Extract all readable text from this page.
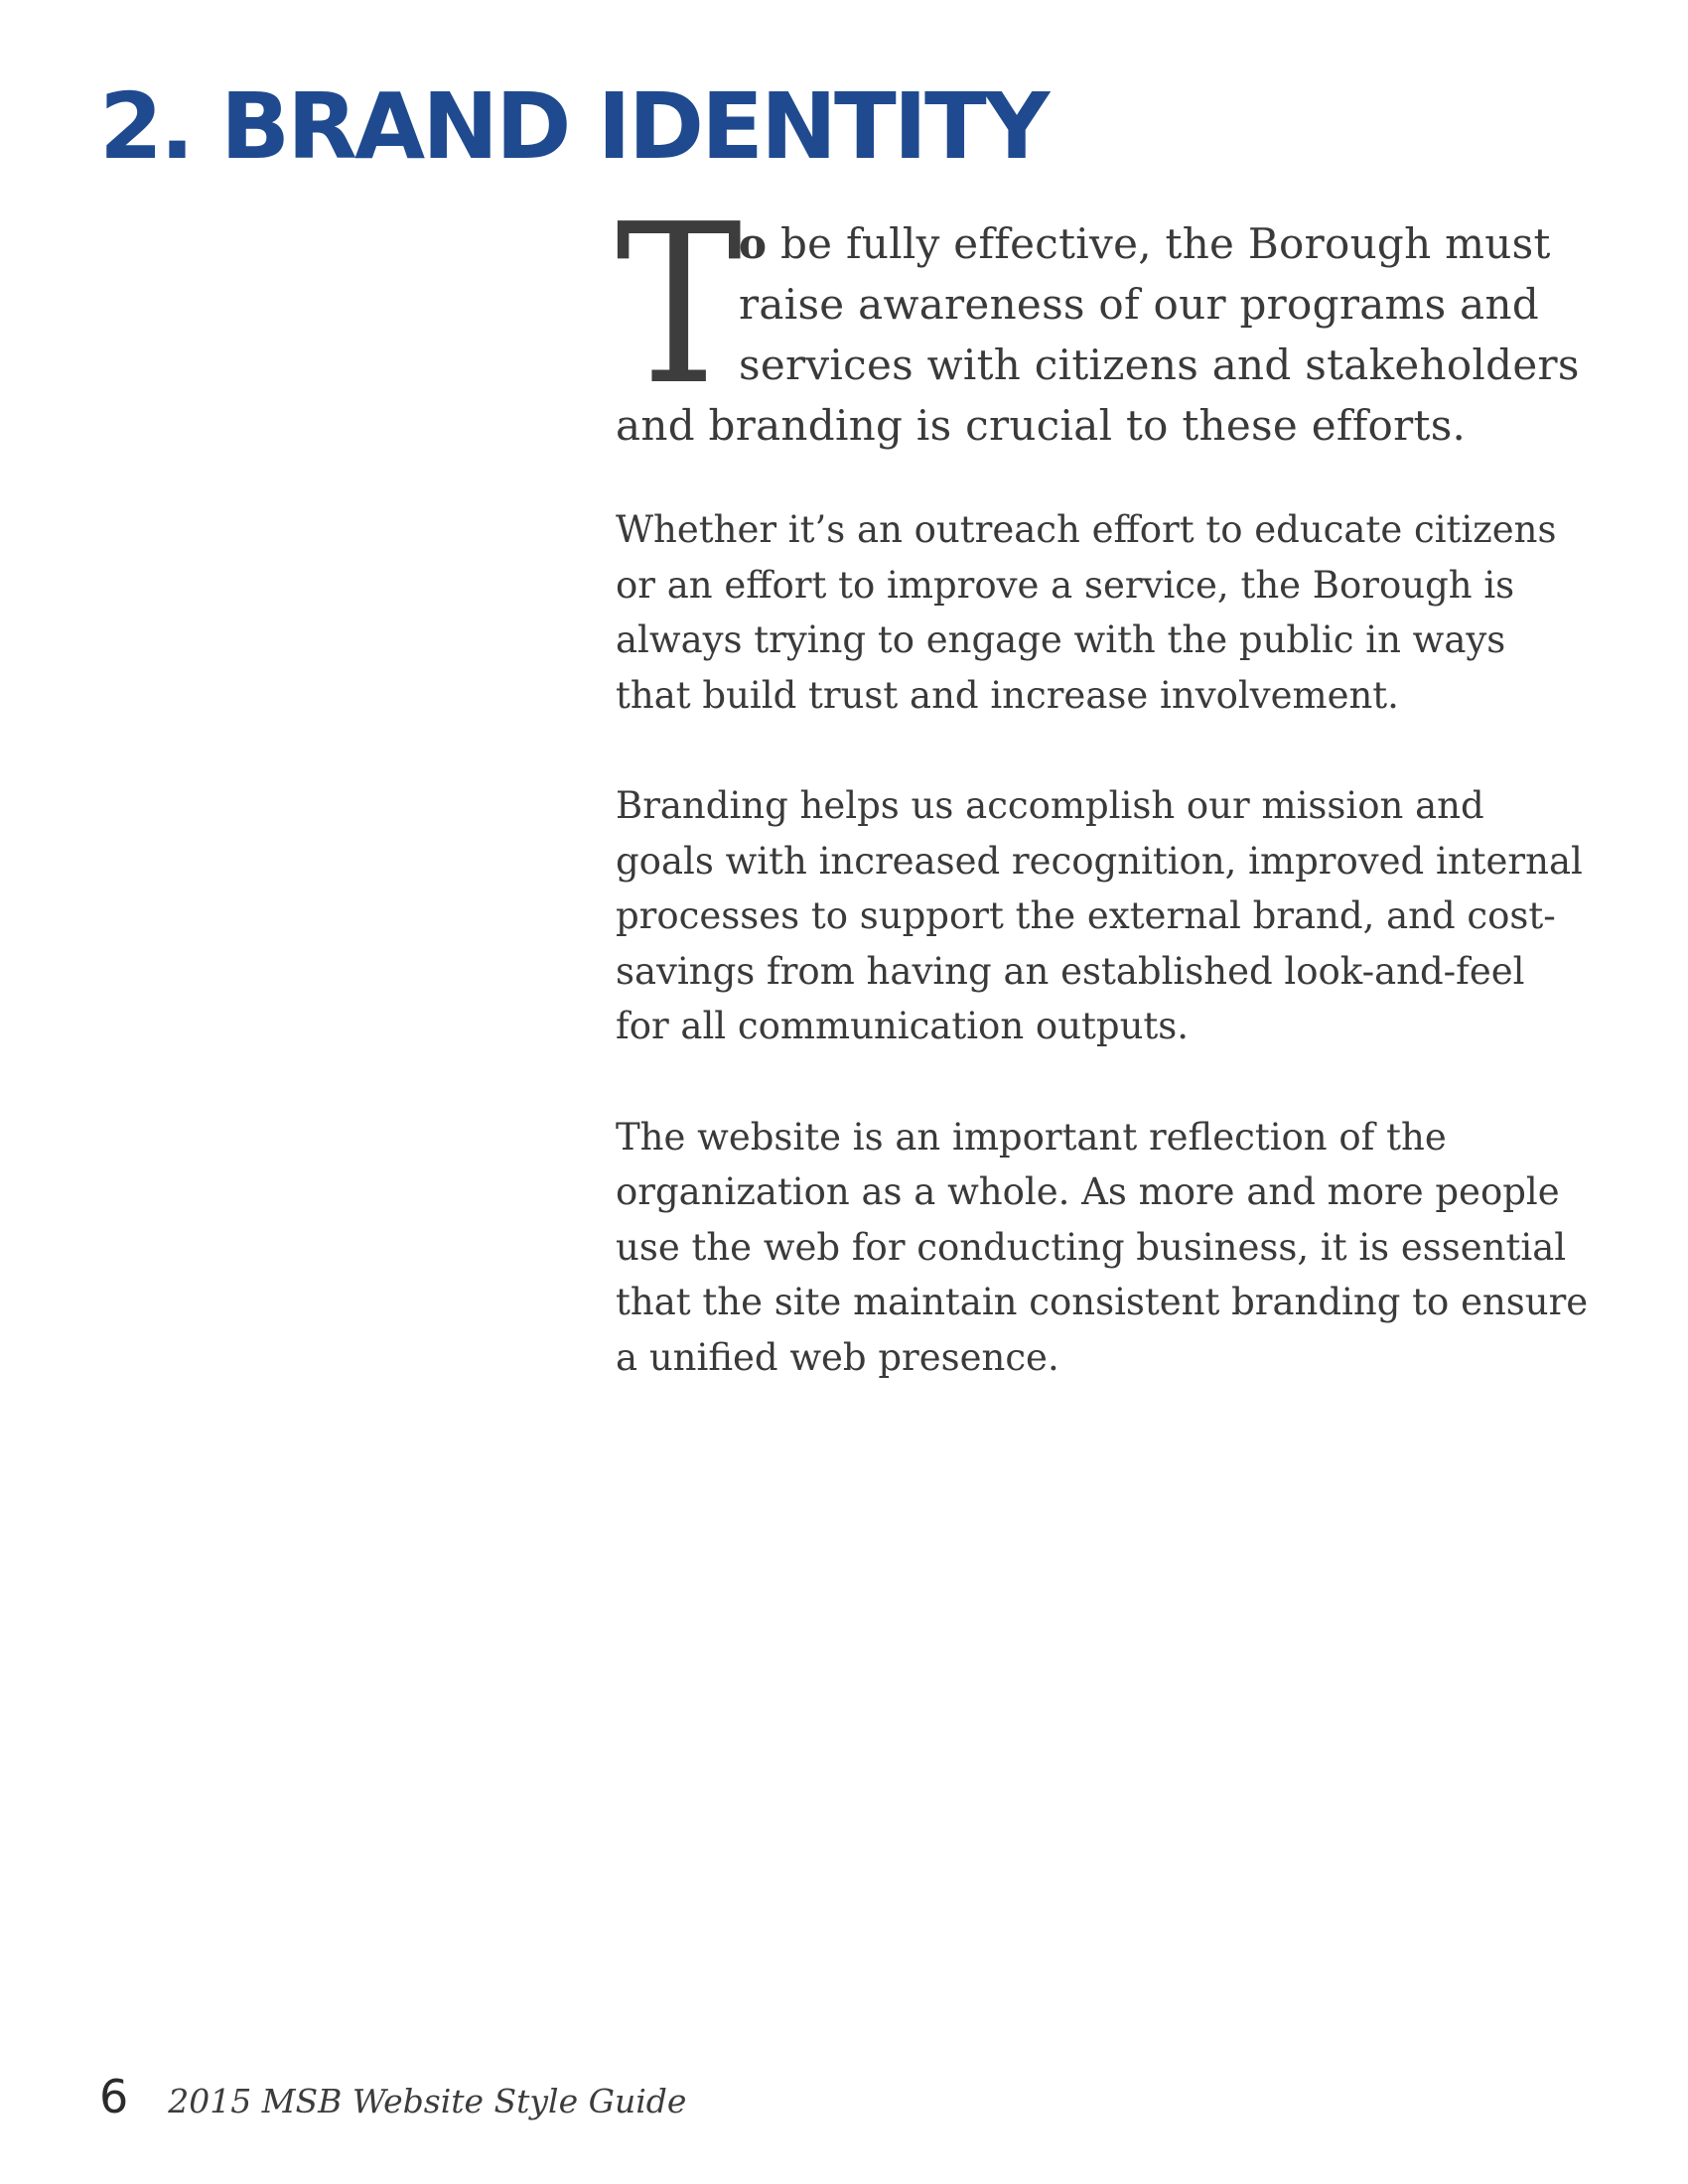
2. BRAND IDENTITY
T
o be fully effective, the Borough must
raise awareness of our programs and
services with citizens and stakeholders
and branding is crucial to these efforts.

Whether it’s an outreach effort to educate citizens
or an effort to improve a service, the Borough is
always trying to engage with the public in ways
that build trust and increase involvement.

Branding helps us accomplish our mission and
goals with increased recognition, improved internal
processes to support the external brand, and cost-
savings from having an established look-and-feel
for all communication outputs.

The website is an important reflection of the
organization as a whole. As more and more people
use the web for conducting business, it is essential
that the site maintain consistent branding to ensure
a unified web presence.

6 2015 MSB Website Style Guide
